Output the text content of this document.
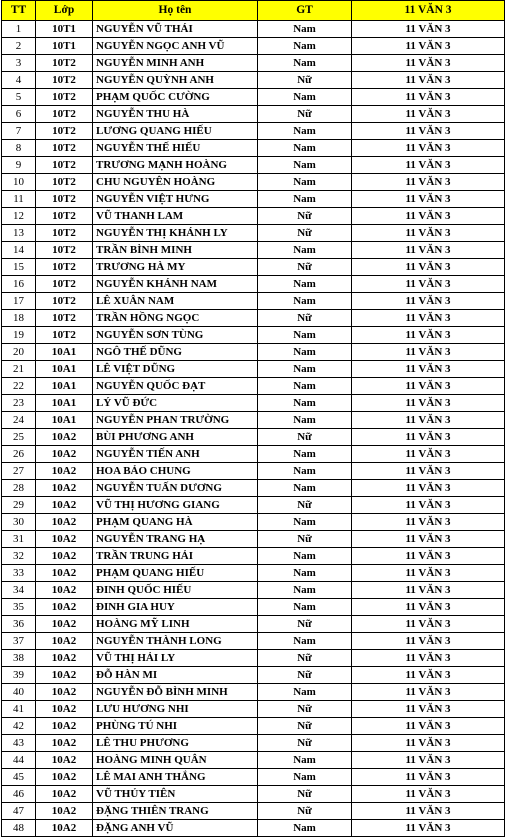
TT	Lớp	Họ tên	GT	11 VĂN 3
1	10T1	NGUYỄN VŨ THÁI	Nam	11 VĂN 3
2	10T1	NGUYỄN NGỌC ANH VŨ	Nam	11 VĂN 3
3	10T2	NGUYỄN MINH ANH	Nam	11 VĂN 3
4	10T2	NGUYỄN QUỲNH ANH	Nữ	11 VĂN 3
5	10T2	PHẠM QUỐC CƯỜNG	Nam	11 VĂN 3
6	10T2	NGUYỄN THU HÀ	Nữ	11 VĂN 3
7	10T2	LƯƠNG QUANG HIẾU	Nam	11 VĂN 3
8	10T2	NGUYỄN THẾ HIẾU	Nam	11 VĂN 3
9	10T2	TRƯƠNG MẠNH HOÀNG	Nam	11 VĂN 3
10	10T2	CHU NGUYÊN HOÀNG	Nam	11 VĂN 3
11	10T2	NGUYỄN VIỆT HƯNG	Nam	11 VĂN 3
12	10T2	VŨ THANH LAM	Nữ	11 VĂN 3
13	10T2	NGUYỄN THỊ KHÁNH LY	Nữ	11 VĂN 3
14	10T2	TRẦN BÌNH MINH	Nam	11 VĂN 3
15	10T2	TRƯƠNG HÀ MY	Nữ	11 VĂN 3
16	10T2	NGUYỄN KHÁNH NAM	Nam	11 VĂN 3
17	10T2	LÊ XUÂN NAM	Nam	11 VĂN 3
18	10T2	TRẦN HỒNG NGỌC	Nữ	11 VĂN 3
19	10T2	NGUYỄN SƠN TÙNG	Nam	11 VĂN 3
20	10A1	NGÔ THẾ DŨNG	Nam	11 VĂN 3
21	10A1	LÊ VIỆT DŨNG	Nam	11 VĂN 3
22	10A1	NGUYỄN QUỐC ĐẠT	Nam	11 VĂN 3
23	10A1	LÝ VŨ ĐỨC	Nam	11 VĂN 3
24	10A1	NGUYỄN PHAN TRƯỜNG	Nam	11 VĂN 3
25	10A2	BÙI PHƯƠNG ANH	Nữ	11 VĂN 3
26	10A2	NGUYỄN TIẾN ANH	Nam	11 VĂN 3
27	10A2	HOA BẢO CHUNG	Nam	11 VĂN 3
28	10A2	NGUYỄN TUẤN DƯƠNG	Nam	11 VĂN 3
29	10A2	VŨ THỊ HƯƠNG GIANG	Nữ	11 VĂN 3
30	10A2	PHẠM QUANG HÀ	Nam	11 VĂN 3
31	10A2	NGUYỄN TRANG HẠ	Nữ	11 VĂN 3
32	10A2	TRẦN TRUNG HẢI	Nam	11 VĂN 3
33	10A2	PHẠM QUANG HIẾU	Nam	11 VĂN 3
34	10A2	ĐINH QUỐC HIẾU	Nam	11 VĂN 3
35	10A2	ĐINH GIA HUY	Nam	11 VĂN 3
36	10A2	HOÀNG MỸ LINH	Nữ	11 VĂN 3
37	10A2	NGUYỄN THÀNH LONG	Nam	11 VĂN 3
38	10A2	VŨ THỊ HẢI LY	Nữ	11 VĂN 3
39	10A2	ĐỖ HÀN MI	Nữ	11 VĂN 3
40	10A2	NGUYỄN ĐỖ BÌNH MINH	Nam	11 VĂN 3
41	10A2	LƯU HƯƠNG NHI	Nữ	11 VĂN 3
42	10A2	PHÙNG TÚ NHI	Nữ	11 VĂN 3
43	10A2	LÊ THU PHƯƠNG	Nữ	11 VĂN 3
44	10A2	HOÀNG MINH QUÂN	Nam	11 VĂN 3
45	10A2	LÊ MAI ANH THẮNG	Nam	11 VĂN 3
46	10A2	VŨ THỦY TIÊN	Nữ	11 VĂN 3
47	10A2	ĐẶNG THIÊN TRANG	Nữ	11 VĂN 3
48	10A2	ĐẶNG ANH VŨ	Nam	11 VĂN 3
